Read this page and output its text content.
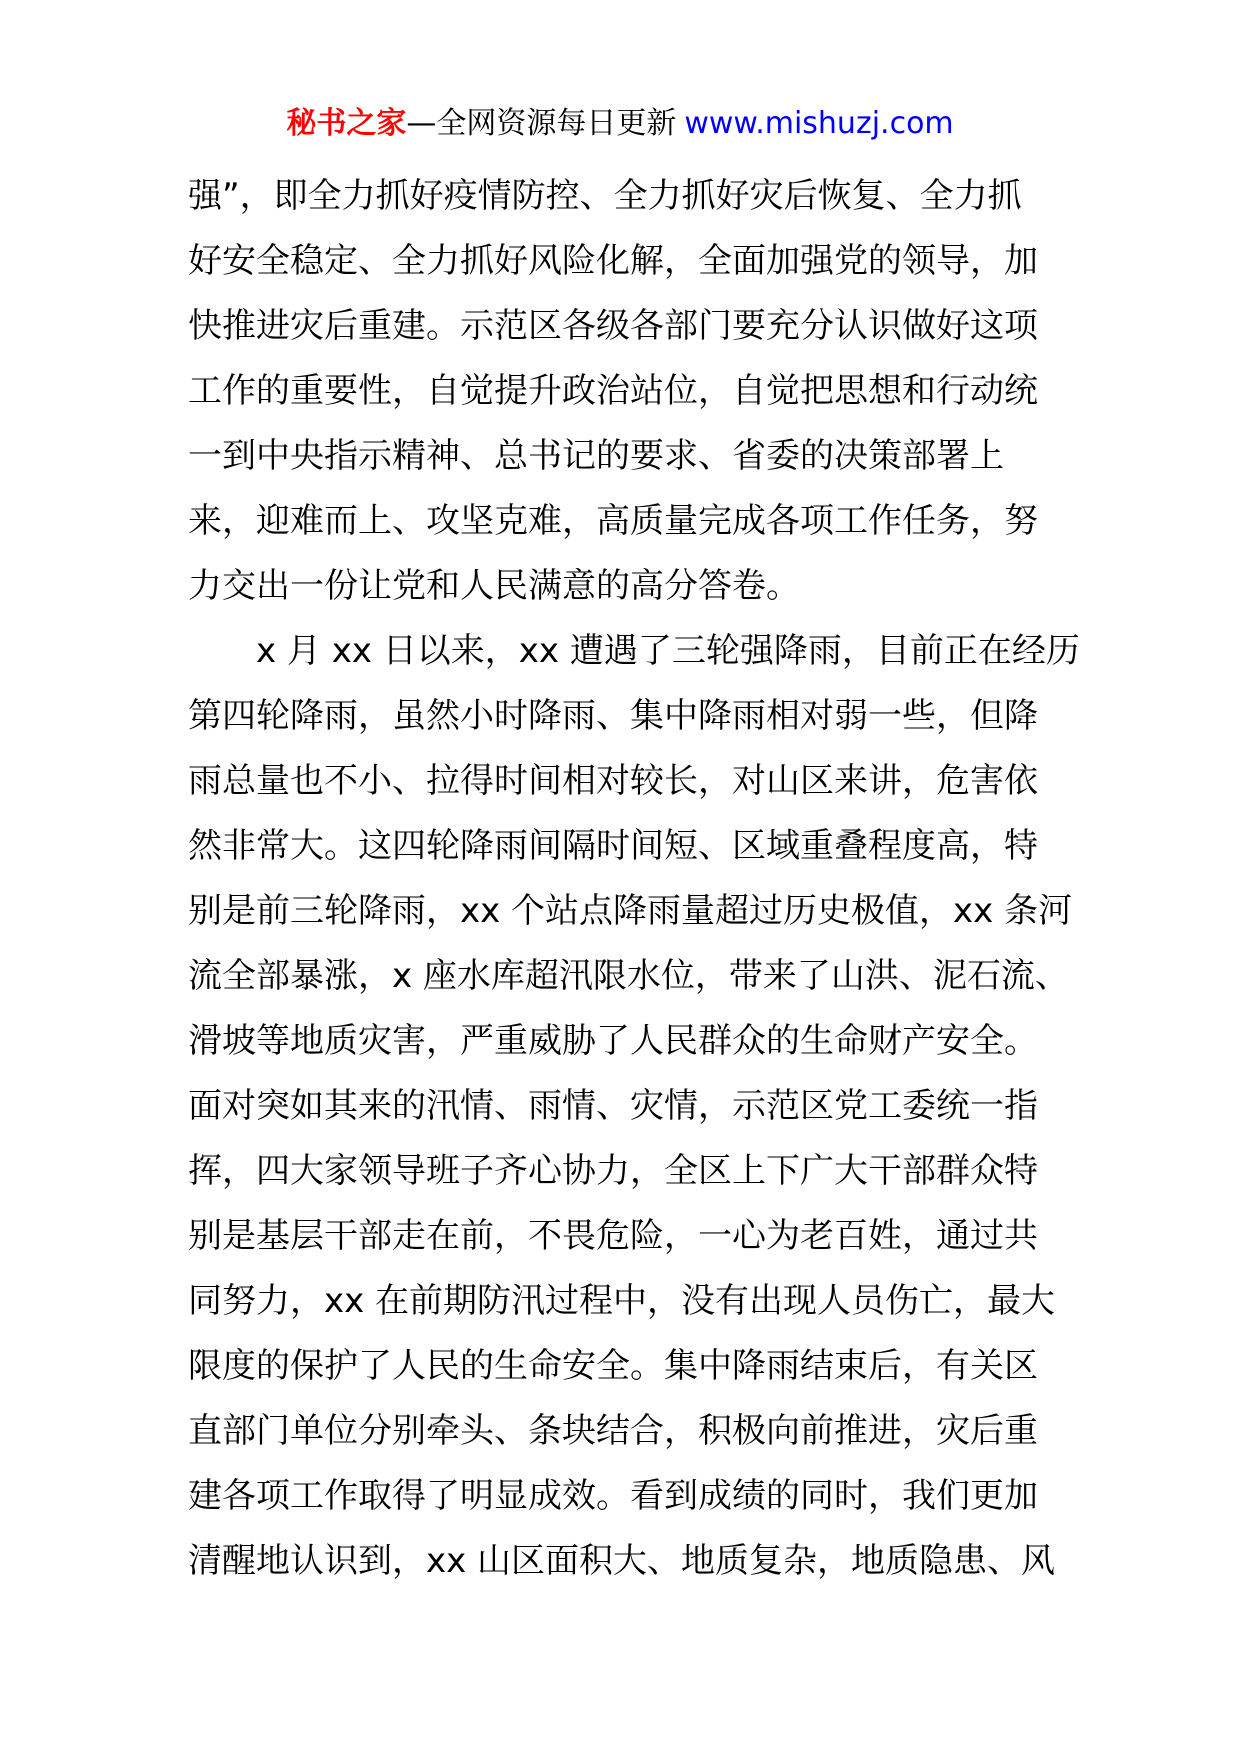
秘书之家—全网资源每日更新 www.mishuzj.com
强”，即全力抓好疫情防控、全力抓好灾后恢复、全力抓
好安全稳定、全力抓好风险化解，全面加强党的领导，加
快推进灾后重建。示范区各级各部门要充分认识做好这项
工作的重要性，自觉提升政治站位，自觉把思想和行动统
一到中央指示精神、总书记的要求、省委的决策部署上
来，迎难而上、攻坚克难，高质量完成各项工作任务，努
力交出一份让党和人民满意的高分答卷。
x 月 xx 日以来，xx 遭遇了三轮强降雨，目前正在经历
第四轮降雨，虽然小时降雨、集中降雨相对弱一些，但降
雨总量也不小、拉得时间相对较长，对山区来讲，危害依
然非常大。这四轮降雨间隔时间短、区域重叠程度高，特
别是前三轮降雨，xx 个站点降雨量超过历史极值，xx 条河
流全部暴涨，x 座水库超汛限水位，带来了山洪、泥石流、
滑坡等地质灾害，严重威胁了人民群众的生命财产安全。
面对突如其来的汛情、雨情、灾情，示范区党工委统一指
挥，四大家领导班子齐心协力，全区上下广大干部群众特
别是基层干部走在前，不畏危险，一心为老百姓，通过共
同努力，xx 在前期防汛过程中，没有出现人员伤亡，最大
限度的保护了人民的生命安全。集中降雨结束后，有关区
直部门单位分别牵头、条块结合，积极向前推进，灾后重
建各项工作取得了明显成效。看到成绩的同时，我们更加
清醒地认识到，xx 山区面积大、地质复杂，地质隐患、风
